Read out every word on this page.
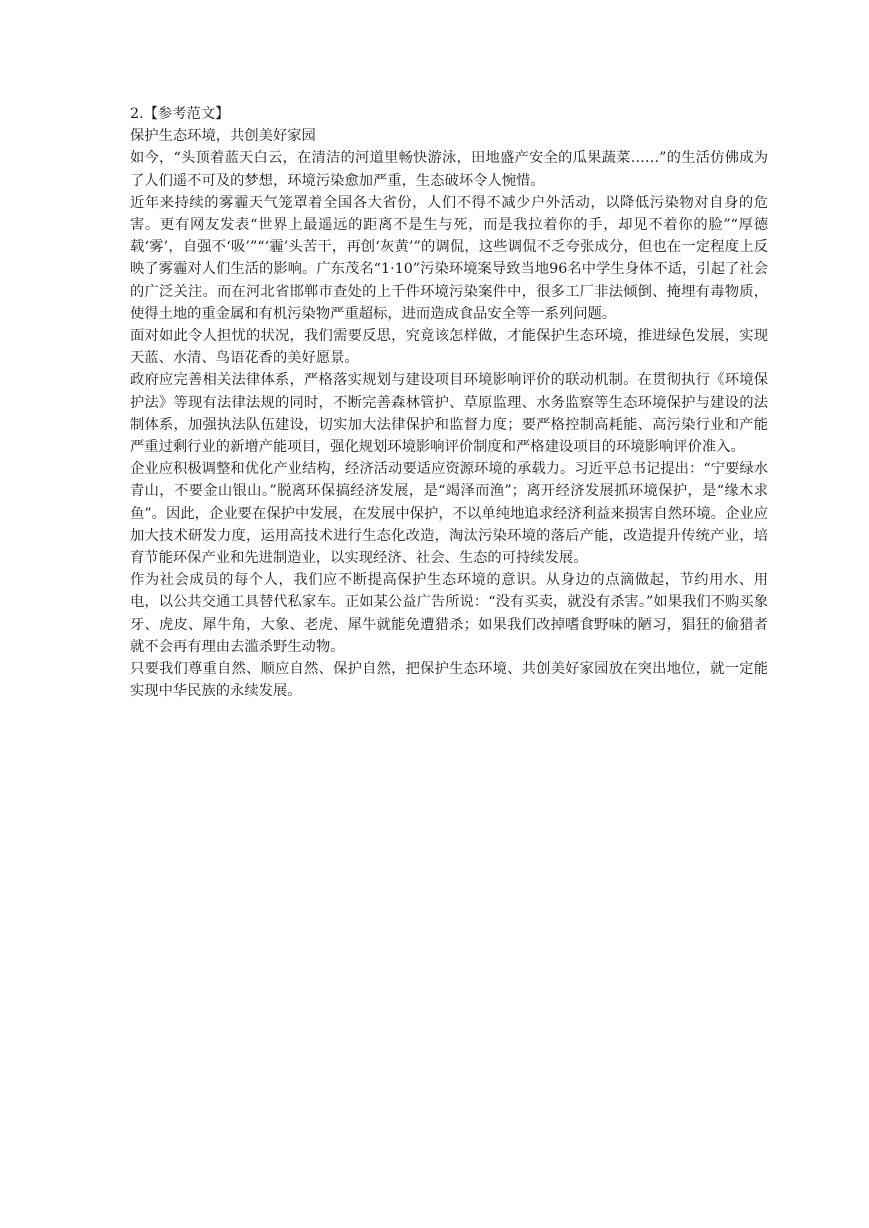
2.【参考范文】

保护生态环境，共创美好家园

如今，“头顶着蓝天白云，在清洁的河道里畅快游泳，田地盛产安全的瓜果蔬菜……”的生活仿佛成为了人们遥不可及的梦想，环境污染愈加严重，生态破坏令人惋惜。

近年来持续的雾霾天气笼罩着全国各大省份，人们不得不减少户外活动，以降低污染物对自身的危害。更有网友发表“世界上最遥远的距离不是生与死，而是我拉着你的手，却见不着你的脸”“厚德载‘雾’，自强不‘吸’”“‘霾’头苦干，再创‘灰黄’”的调侃，这些调侃不乏夸张成分，但也在一定程度上反映了雾霾对人们生活的影响。广东茂名“1·10”污染环境案导致当地96名中学生身体不适，引起了社会的广泛关注。而在河北省邯郸市查处的上千件环境污染案件中，很多工厂非法倾倒、掩埋有毒物质，使得土地的重金属和有机污染物严重超标，进而造成食品安全等一系列问题。

面对如此令人担忧的状况，我们需要反思，究竟该怎样做，才能保护生态环境，推进绿色发展，实现天蓝、水清、鸟语花香的美好愿景。

政府应完善相关法律体系，严格落实规划与建设项目环境影响评价的联动机制。在贯彻执行《环境保护法》等现有法律法规的同时，不断完善森林管护、草原监理、水务监察等生态环境保护与建设的法制体系，加强执法队伍建设，切实加大法律保护和监督力度；要严格控制高耗能、高污染行业和产能严重过剩行业的新增产能项目，强化规划环境影响评价制度和严格建设项目的环境影响评价准入。

企业应积极调整和优化产业结构，经济活动要适应资源环境的承载力。习近平总书记提出：“宁要绿水青山，不要金山银山。”脱离环保搞经济发展，是“竭泽而渔”；离开经济发展抓环境保护，是“缘木求鱼”。因此，企业要在保护中发展，在发展中保护，不以单纯地追求经济利益来损害自然环境。企业应加大技术研发力度，运用高技术进行生态化改造，淘汰污染环境的落后产能，改造提升传统产业，培育节能环保产业和先进制造业，以实现经济、社会、生态的可持续发展。

作为社会成员的每个人，我们应不断提高保护生态环境的意识。从身边的点滴做起，节约用水、用电，以公共交通工具替代私家车。正如某公益广告所说：“没有买卖，就没有杀害。”如果我们不购买象牙、虎皮、犀牛角，大象、老虎、犀牛就能免遭猎杀；如果我们改掉嗜食野味的陋习，猖狂的偷猎者就不会再有理由去滥杀野生动物。

只要我们尊重自然、顺应自然、保护自然，把保护生态环境、共创美好家园放在突出地位，就一定能实现中华民族的永续发展。
